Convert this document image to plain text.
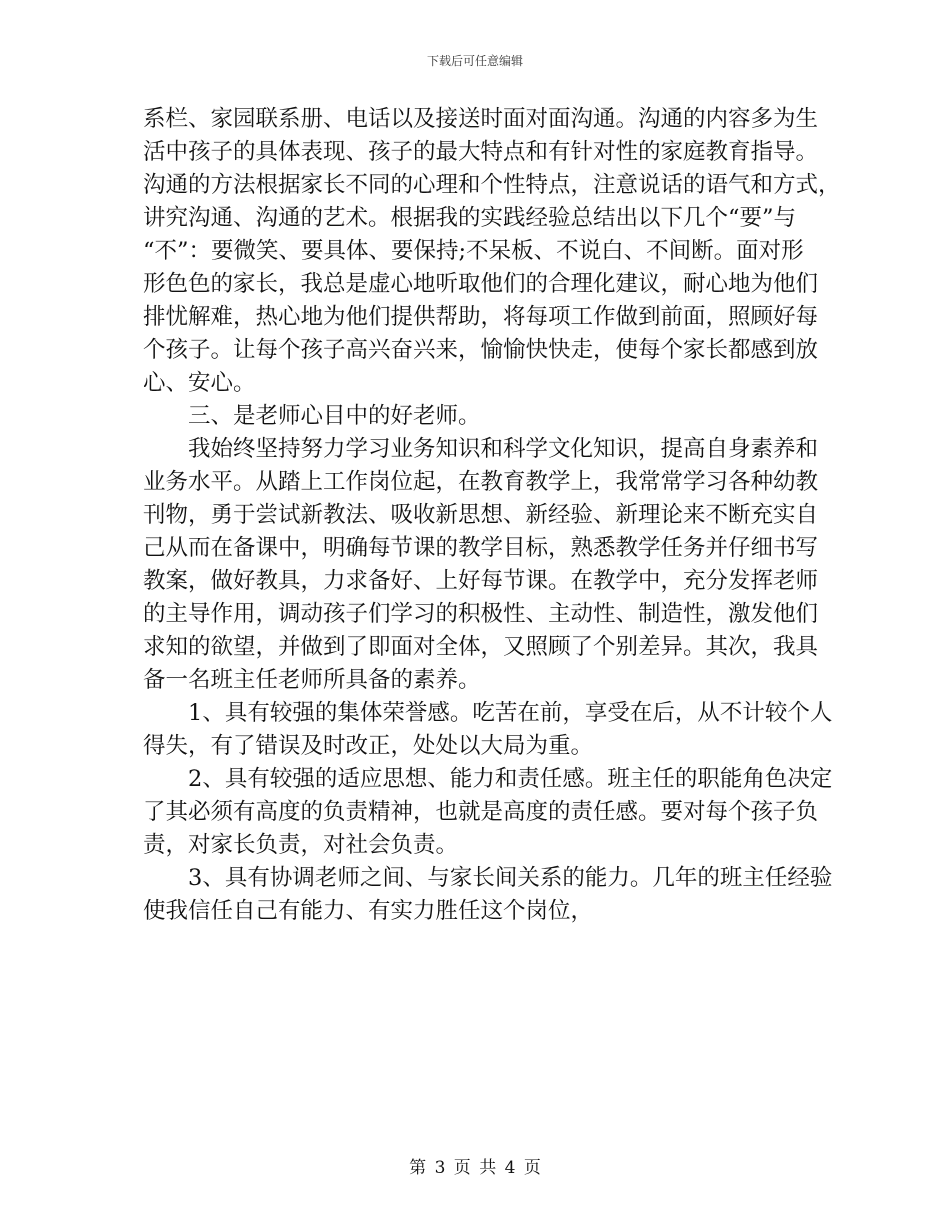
下载后可任意编辑
系栏、家园联系册、电话以及接送时面对面沟通。沟通的内容多为生
活中孩子的具体表现、孩子的最大特点和有针对性的家庭教育指导。
沟通的方法根据家长不同的心理和个性特点，注意说话的语气和方式，
讲究沟通、沟通的艺术。根据我的实践经验总结出以下几个“要”与
“不”：要微笑、要具体、要保持;不呆板、不说白、不间断。面对形
形色色的家长，我总是虚心地听取他们的合理化建议，耐心地为他们
排忧解难，热心地为他们提供帮助，将每项工作做到前面，照顾好每
个孩子。让每个孩子高兴奋兴来，愉愉快快走，使每个家长都感到放
心、安心。
三、是老师心目中的好老师。
我始终坚持努力学习业务知识和科学文化知识，提高自身素养和
业务水平。从踏上工作岗位起，在教育教学上，我常常学习各种幼教
刊物，勇于尝试新教法、吸收新思想、新经验、新理论来不断充实自
己从而在备课中，明确每节课的教学目标，熟悉教学任务并仔细书写
教案，做好教具，力求备好、上好每节课。在教学中，充分发挥老师
的主导作用，调动孩子们学习的积极性、主动性、制造性，激发他们
求知的欲望，并做到了即面对全体，又照顾了个别差异。其次，我具
备一名班主任老师所具备的素养。
1、具有较强的集体荣誉感。吃苦在前，享受在后，从不计较个人
得失，有了错误及时改正，处处以大局为重。
2、具有较强的适应思想、能力和责任感。班主任的职能角色决定
了其必须有高度的负责精神，也就是高度的责任感。要对每个孩子负
责，对家长负责，对社会负责。
3、具有协调老师之间、与家长间关系的能力。几年的班主任经验
使我信任自己有能力、有实力胜任这个岗位，
第 3 页 共 4 页
